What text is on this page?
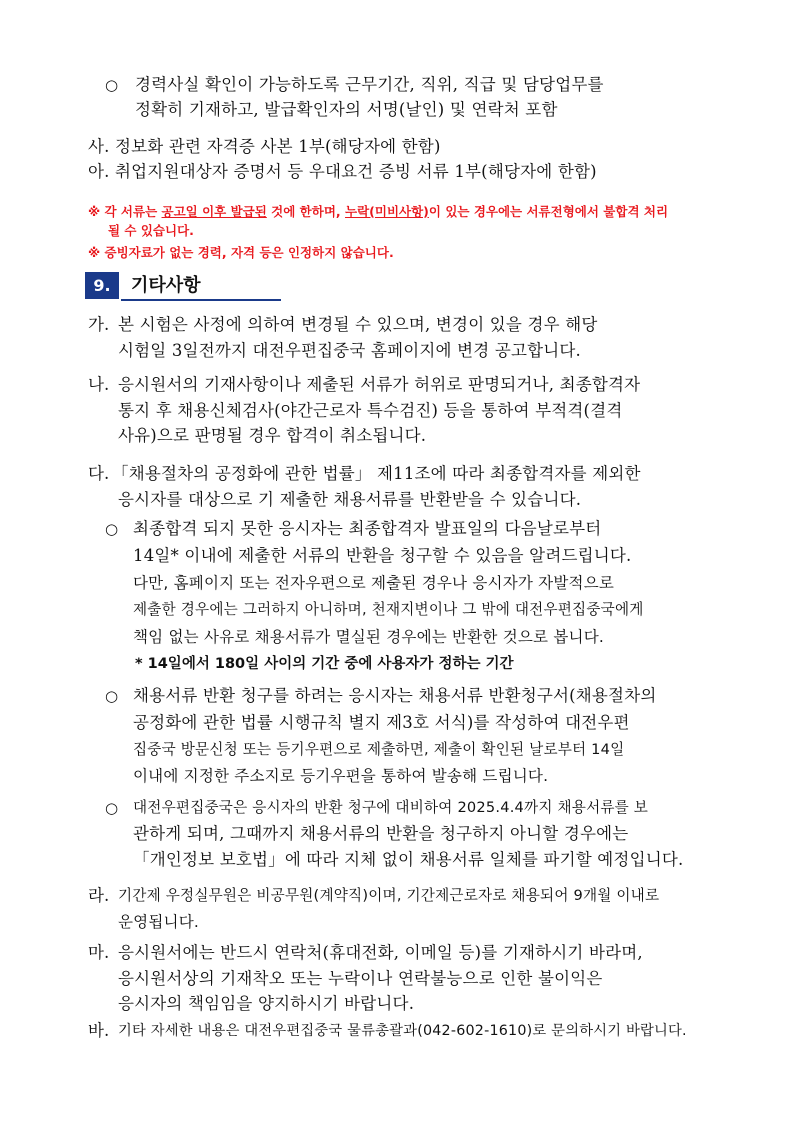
○ 경력사실 확인이 가능하도록 근무기간, 직위, 직급 및 담당업무를
정확히 기재하고, 발급확인자의 서명(날인) 및 연락처 포함
사. 정보화 관련 자격증 사본 1부(해당자에 한함)
아. 취업지원대상자 증명서 등 우대요건 증빙 서류 1부(해당자에 한함)
※ 각 서류는 공고일 이후 발급된 것에 한하며, 누락(미비사항)이 있는 경우에는 서류전형에서 불합격 처리
될 수 있습니다.
※ 증빙자료가 없는 경력, 자격 등은 인정하지 않습니다.
9.	기타사항
가. 본 시험은 사정에 의하여 변경될 수 있으며, 변경이 있을 경우 해당
시험일 3일전까지 대전우편집중국 홈페이지에 변경 공고합니다.
나. 응시원서의 기재사항이나 제출된 서류가 허위로 판명되거나, 최종합격자
통지 후 채용신체검사(야간근로자 특수검진) 등을 통하여 부적격(결격
사유)으로 판명될 경우 합격이 취소됩니다.
다. 「채용절차의 공정화에 관한 법률」 제11조에 따라 최종합격자를 제외한
응시자를 대상으로 기 제출한 채용서류를 반환받을 수 있습니다.
○ 최종합격 되지 못한 응시자는 최종합격자 발표일의 다음날로부터
14일* 이내에 제출한 서류의 반환을 청구할 수 있음을 알려드립니다.
다만, 홈페이지 또는 전자우편으로 제출된 경우나 응시자가 자발적으로
제출한 경우에는 그러하지 아니하며, 천재지변이나 그 밖에 대전우편집중국에게
책임 없는 사유로 채용서류가 멸실된 경우에는 반환한 것으로 봅니다.
* 14일에서 180일 사이의 기간 중에 사용자가 정하는 기간
○ 채용서류 반환 청구를 하려는 응시자는 채용서류 반환청구서(채용절차의
공정화에 관한 법률 시행규칙 별지 제3호 서식)를 작성하여 대전우편
집중국 방문신청 또는 등기우편으로 제출하면, 제출이 확인된 날로부터 14일
이내에 지정한 주소지로 등기우편을 통하여 발송해 드립니다.
○ 대전우편집중국은 응시자의 반환 청구에 대비하여 2025.4.4까지 채용서류를 보
관하게 되며, 그때까지 채용서류의 반환을 청구하지 아니할 경우에는
「개인정보 보호법」에 따라 지체 없이 채용서류 일체를 파기할 예정입니다.
라. 기간제 우정실무원은 비공무원(계약직)이며, 기간제근로자로 채용되어 9개월 이내로
운영됩니다.
마. 응시원서에는 반드시 연락처(휴대전화, 이메일 등)를 기재하시기 바라며,
응시원서상의 기재착오 또는 누락이나 연락불능으로 인한 불이익은
응시자의 책임임을 양지하시기 바랍니다.
바. 기타 자세한 내용은 대전우편집중국 물류총괄과(042-602-1610)로 문의하시기 바랍니다.
